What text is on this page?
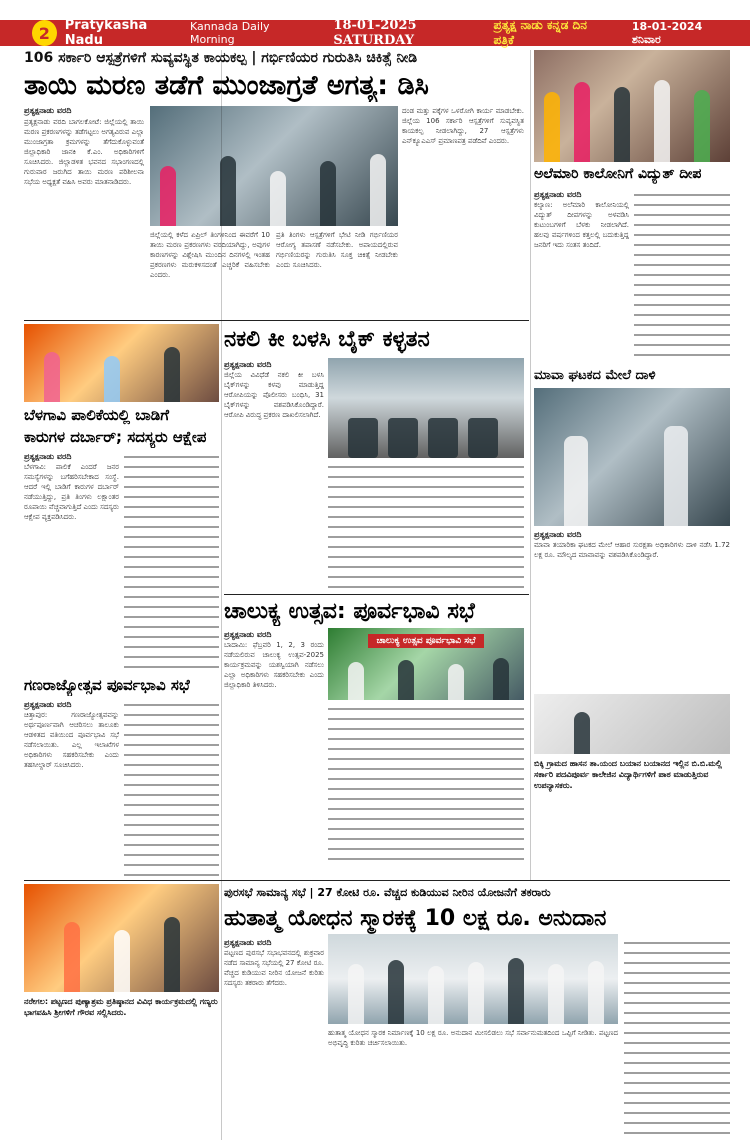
2	Pratykasha Nadu
Kannada Daily Morning
18-01-2025 SATURDAY
ಪ್ರತ್ಯಕ್ಷ ನಾಡು ಕನ್ನಡ ದಿನ ಪತ್ರಿಕೆ
18-01-2024 ಶನಿವಾರ
106 ಸರ್ಕಾರಿ ಆಸ್ಪತ್ರೆಗಳಿಗೆ ಸುವ್ಯವಸ್ಥಿತ ಕಾಯಕಲ್ಪ | ಗರ್ಭಿಣಿಯರ ಗುರುತಿಸಿ ಚಿಕಿತ್ಸೆ ನೀಡಿ
ತಾಯಿ ಮರಣ ತಡೆಗೆ ಮುಂಜಾಗ್ರತೆ ಅಗತ್ಯ: ಡಿಸಿ
ಪ್ರತ್ಯಕ್ಷನಾಡು ವರದಿ
ಪ್ರತ್ಯಕ್ಷನಾಡು ವರದಿ ಬಾಗಲಕೋಟೆ: ಜಿಲ್ಲೆಯಲ್ಲಿ ತಾಯಿ ಮರಣ ಪ್ರಕರಣಗಳನ್ನು ತಡೆಗಟ್ಟಲು ಅಗತ್ಯವಿರುವ ಎಲ್ಲಾ ಮುಂಜಾಗ್ರತಾ ಕ್ರಮಗಳನ್ನು ತೆಗೆದುಕೊಳ್ಳುವಂತೆ ಜಿಲ್ಲಾಧಿಕಾರಿ ಜಾನಕಿ ಕೆ.ಎಂ. ಅಧಿಕಾರಿಗಳಿಗೆ ಸೂಚಿಸಿದರು. ಜಿಲ್ಲಾಡಳಿತ ಭವನದ ಸಭಾಂಗಣದಲ್ಲಿ ಗುರುವಾರ ಜರುಗಿದ ತಾಯಿ ಮರಣ ಪರಿಶೀಲನಾ ಸಭೆಯ ಅಧ್ಯಕ್ಷತೆ ವಹಿಸಿ ಅವರು ಮಾತನಾಡಿದರು.
ಜಿಲ್ಲೆಯಲ್ಲಿ ಕಳೆದ ಏಪ್ರಿಲ್ ತಿಂಗಳಿನಿಂದ ಈವರೆಗೆ 10 ತಾಯಿ ಮರಣ ಪ್ರಕರಣಗಳು ವರದಿಯಾಗಿದ್ದು, ಅವುಗಳ ಕಾರಣಗಳನ್ನು ವಿಶ್ಲೇಷಿಸಿ ಮುಂದಿನ ದಿನಗಳಲ್ಲಿ ಇಂತಹ ಪ್ರಕರಣಗಳು ಮರುಕಳಿಸದಂತೆ ಎಚ್ಚರಿಕೆ ವಹಿಸಬೇಕು ಎಂದರು.
ಪ್ರತಿ ತಿಂಗಳು ಆಸ್ಪತ್ರೆಗಳಿಗೆ ಭೇಟಿ ನೀಡಿ ಗರ್ಭಿಣಿಯರ ಆರೋಗ್ಯ ತಪಾಸಣೆ ನಡೆಸಬೇಕು. ಅಪಾಯದಲ್ಲಿರುವ ಗರ್ಭಿಣಿಯರನ್ನು ಗುರುತಿಸಿ ಸೂಕ್ತ ಚಿಕಿತ್ಸೆ ನೀಡಬೇಕು ಎಂದು ಸೂಚಿಸಿದರು.
ದಂಡ ಮತ್ತು ಪಕ್ಕೆಗಳ ಒಳರೋಗಿ ಕಾರ್ಯ ಮಾಡಬೇಕು. ಜಿಲ್ಲೆಯ 106 ಸರ್ಕಾರಿ ಆಸ್ಪತ್ರೆಗಳಿಗೆ ಸುವ್ಯವಸ್ಥಿತ ಕಾಯಕಲ್ಪ ನೀಡಲಾಗಿದ್ದು, 27 ಆಸ್ಪತ್ರೆಗಳು ಎನ್‌ಕ್ಯೂಎಎಸ್ ಪ್ರಮಾಣಪತ್ರ ಪಡೆದಿವೆ ಎಂದರು.
ಬೆಳಗಾವಿ ಪಾಲಿಕೆಯಲ್ಲಿ ಬಾಡಿಗೆ
ಕಾರುಗಳ ದರ್ಬಾರ್; ಸದಸ್ಯರು ಆಕ್ಷೇಪ
ಪ್ರತ್ಯಕ್ಷನಾಡು ವರದಿ
ಬೆಳಗಾವಿ: ಪಾಲಿಕೆ ಎಂದರೆ ಜನರ ಸಮಸ್ಯೆಗಳನ್ನು ಬಗೆಹರಿಸಬೇಕಾದ ಸಂಸ್ಥೆ. ಆದರೆ ಇಲ್ಲಿ ಬಾಡಿಗೆ ಕಾರುಗಳ ದರ್ಬಾರ್ ನಡೆಯುತ್ತಿದ್ದು, ಪ್ರತಿ ತಿಂಗಳು ಲಕ್ಷಾಂತರ ರೂಪಾಯಿ ವೆಚ್ಚವಾಗುತ್ತಿದೆ ಎಂದು ಸದಸ್ಯರು ಆಕ್ಷೇಪ ವ್ಯಕ್ತಪಡಿಸಿದರು.
ಗಣರಾಜ್ಯೋತ್ಸವ ಪೂರ್ವಭಾವಿ ಸಭೆ
ಪ್ರತ್ಯಕ್ಷನಾಡು ವರದಿ
ಚಿತ್ತಾಪುರ: ಗಣರಾಜ್ಯೋತ್ಸವವನ್ನು ಅರ್ಥಪೂರ್ಣವಾಗಿ ಆಚರಿಸಲು ತಾಲೂಕು ಆಡಳಿತದ ವತಿಯಿಂದ ಪೂರ್ವಭಾವಿ ಸಭೆ ನಡೆಸಲಾಯಿತು. ಎಲ್ಲ ಇಲಾಖೆಗಳ ಅಧಿಕಾರಿಗಳು ಸಹಕರಿಸಬೇಕು ಎಂದು ತಹಸೀಲ್ದಾರ್ ಸೂಚಿಸಿದರು.
ನಕಲಿ ಕೀ ಬಳಸಿ ಬೈಕ್ ಕಳ್ಳತನ
ಪ್ರತ್ಯಕ್ಷನಾಡು ವರದಿ
ಜಿಲ್ಲೆಯ ವಿವಿಧೆಡೆ ನಕಲಿ ಕೀ ಬಳಸಿ ಬೈಕ್‌ಗಳನ್ನು ಕಳವು ಮಾಡುತ್ತಿದ್ದ ಆರೋಪಿಯನ್ನು ಪೊಲೀಸರು ಬಂಧಿಸಿ, 31 ಬೈಕ್‌ಗಳನ್ನು ವಶಪಡಿಸಿಕೊಂಡಿದ್ದಾರೆ. ಆರೋಪಿ ವಿರುದ್ಧ ಪ್ರಕರಣ ದಾಖಲಿಸಲಾಗಿದೆ.
ಚಾಲುಕ್ಯ ಉತ್ಸವ: ಪೂರ್ವಭಾವಿ ಸಭೆ
ಪ್ರತ್ಯಕ್ಷನಾಡು ವರದಿ
ಬಾದಾಮಿ: ಫೆಬ್ರವರಿ 1, 2, 3 ರಂದು ನಡೆಯಲಿರುವ ಚಾಲುಕ್ಯ ಉತ್ಸವ-2025 ಕಾರ್ಯಕ್ರಮವನ್ನು ಯಶಸ್ವಿಯಾಗಿ ನಡೆಸಲು ಎಲ್ಲಾ ಅಧಿಕಾರಿಗಳು ಸಹಕರಿಸಬೇಕು ಎಂದು ಜಿಲ್ಲಾಧಿಕಾರಿ ತಿಳಿಸಿದರು.
ಚಾಲುಕ್ಯ ಉತ್ಸವ ಪೂರ್ವಭಾವಿ ಸಭೆ
ಅಲೆಮಾರಿ ಕಾಲೋನಿಗೆ ವಿದ್ಯುತ್ ದೀಪ
ಪ್ರತ್ಯಕ್ಷನಾಡು ವರದಿ
ಕಲ್ಯಾಣ: ಅಲೆಮಾರಿ ಕಾಲೋನಿಯಲ್ಲಿ ವಿದ್ಯುತ್ ದೀಪಗಳನ್ನು ಅಳವಡಿಸಿ ಕುಟುಂಬಗಳಿಗೆ ಬೆಳಕು ನೀಡಲಾಗಿದೆ. ಹಲವು ವರ್ಷಗಳಿಂದ ಕತ್ತಲಲ್ಲಿ ಬದುಕುತ್ತಿದ್ದ ಜನರಿಗೆ ಇದು ಸಂತಸ ತಂದಿದೆ.
ಮಾವಾ ಘಟಕದ ಮೇಲೆ ದಾಳಿ
ಪ್ರತ್ಯಕ್ಷನಾಡು ವರದಿ
ಮಾವಾ ತಯಾರಿಕಾ ಘಟಕದ ಮೇಲೆ ಆಹಾರ ಸುರಕ್ಷತಾ ಅಧಿಕಾರಿಗಳು ದಾಳಿ ನಡೆಸಿ 1.72 ಲಕ್ಷ ರೂ. ಮೌಲ್ಯದ ಮಾವಾವನ್ನು ವಶಪಡಿಸಿಕೊಂಡಿದ್ದಾರೆ.
ಬಿಕ್ಕಿ ಗ್ರಾಮದ ಹಾಸನ ತಾ.ಯಂದ ಬಯಾನ ಬಯಾನದ ಇಲ್ಲಿನ ಬಿ.ಬಿ.ಮಲ್ಲಿ ಸರ್ಕಾರಿ ಪದವಿಪೂರ್ವ ಕಾಲೇಜಿನ ವಿದ್ಯಾರ್ಥಿಗಳಿಗೆ ಪಾಠ ಮಾಡುತ್ತಿರುವ ಉಪನ್ಯಾಸಕರು.
ನರೇಗಲ: ಪಟ್ಟಣದ ಪುಣ್ಯಾಶ್ರಮ ಪ್ರತಿಷ್ಠಾನದ ವಿವಿಧ ಕಾರ್ಯಕ್ರಮದಲ್ಲಿ ಗಣ್ಯರು ಭಾಗವಹಿಸಿ ಶ್ರೀಗಳಿಗೆ ಗೌರವ ಸಲ್ಲಿಸಿದರು.
ಪುರಸಭೆ ಸಾಮಾನ್ಯ ಸಭೆ | 27 ಕೋಟಿ ರೂ. ವೆಚ್ಚದ ಕುಡಿಯುವ ನೀರಿನ ಯೋಜನೆಗೆ ತಕರಾರು
ಹುತಾತ್ಮ ಯೋಧನ ಸ್ಮಾರಕಕ್ಕೆ 10 ಲಕ್ಷ ರೂ. ಅನುದಾನ
ಪ್ರತ್ಯಕ್ಷನಾಡು ವರದಿ
ಪಟ್ಟಣದ ಪುರಸಭೆ ಸಭಾಭವನದಲ್ಲಿ ಶುಕ್ರವಾರ ನಡೆದ ಸಾಮಾನ್ಯ ಸಭೆಯಲ್ಲಿ 27 ಕೋಟಿ ರೂ. ವೆಚ್ಚದ ಕುಡಿಯುವ ನೀರಿನ ಯೋಜನೆ ಕುರಿತು ಸದಸ್ಯರು ತಕರಾರು ತೆಗೆದರು.
ಹುತಾತ್ಮ ಯೋಧನ ಸ್ಮಾರಕ ನಿರ್ಮಾಣಕ್ಕೆ 10 ಲಕ್ಷ ರೂ. ಅನುದಾನ ಮೀಸಲಿಡಲು ಸಭೆ ಸರ್ವಾನುಮತದಿಂದ ಒಪ್ಪಿಗೆ ನೀಡಿತು. ಪಟ್ಟಣದ ಅಭಿವೃದ್ಧಿ ಕುರಿತು ಚರ್ಚಿಸಲಾಯಿತು.
